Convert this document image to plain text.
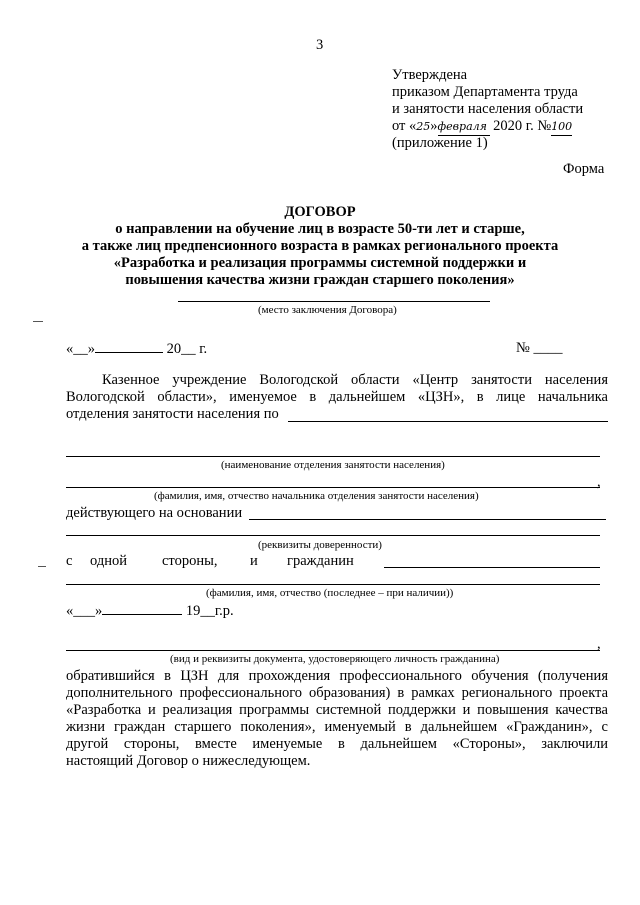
3
Утверждена
приказом Департамента труда
и занятости населения области
от «25»февраля 2020 г. №100
(приложение 1)
Форма
ДОГОВОР
о направлении на обучение лиц в возрасте 50-ти лет и старше,
а также лиц предпенсионного возраста в рамках регионального проекта
«Разработка и реализация программы системной поддержки и
повышения качества жизни граждан старшего поколения»
(место заключения Договора)
«__»	20__ г.	№ ____
Казенное учреждение Вологодской области «Центр занятости населения
Вологодской области», именуемое в дальнейшем «ЦЗН», в лице начальника
отделения занятости населения по
(наименование отделения занятости населения)
,
(фамилия, имя, отчество начальника отделения занятости населения)
действующего на основании
(реквизиты доверенности)
с одной стороны, и гражданин
(фамилия, имя, отчество (последнее – при наличии))
«___»	19__г.р.
,
(вид и реквизиты документа, удостоверяющего личность гражданина)
обратившийся в ЦЗН для прохождения профессионального обучения (получения
дополнительного профессионального образования) в рамках регионального проекта
«Разработка и реализация программы системной поддержки и повышения качества
жизни граждан старшего поколения», именуемый в дальнейшем «Гражданин», с
другой стороны, вместе именуемые в дальнейшем «Стороны», заключили
настоящий Договор о нижеследующем.
